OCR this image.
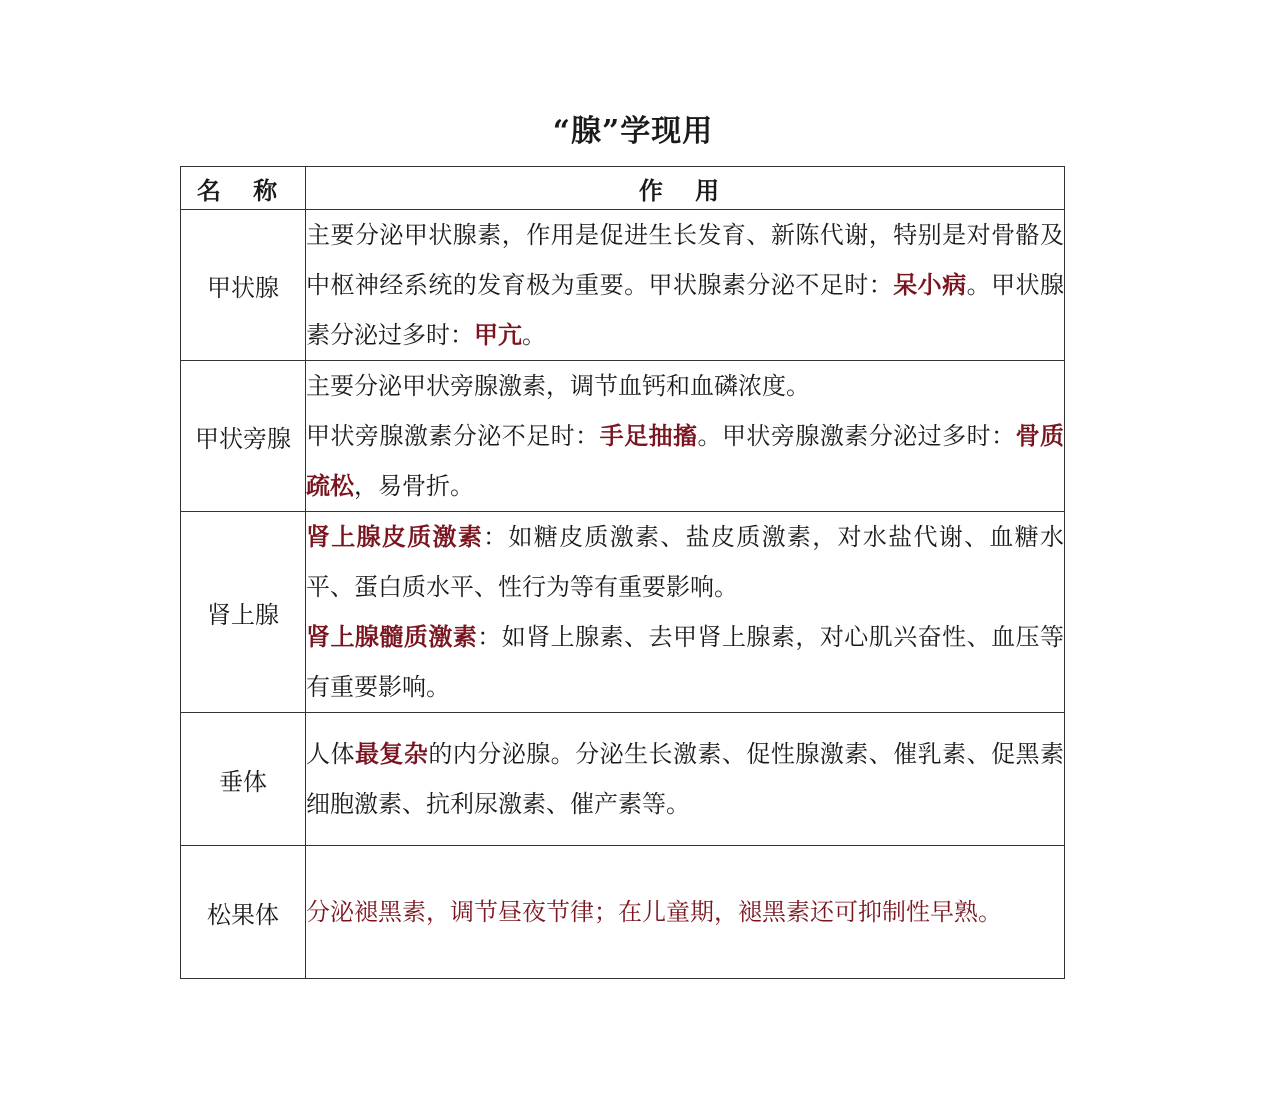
“腺”学现用
名 称	作 用
甲状腺	主要分泌甲状腺素，作用是促进生长发育、新陈代谢，特别是对骨骼及中枢神经系统的发育极为重要。甲状腺素分泌不足时：呆小病。甲状腺素分泌过多时：甲亢。
甲状旁腺	主要分泌甲状旁腺激素，调节血钙和血磷浓度。
甲状旁腺激素分泌不足时：手足抽搐。甲状旁腺激素分泌过多时：骨质疏松，易骨折。
肾上腺	肾上腺皮质激素：如糖皮质激素、盐皮质激素，对水盐代谢、血糖水平、蛋白质水平、性行为等有重要影响。
肾上腺髓质激素：如肾上腺素、去甲肾上腺素，对心肌兴奋性、血压等有重要影响。

垂体	人体最复杂的内分泌腺。分泌生长激素、促性腺激素、催乳素、促黑素细胞激素、抗利尿激素、催产素等。
松果体	分泌褪黑素，调节昼夜节律；在儿童期，褪黑素还可抑制性早熟。
